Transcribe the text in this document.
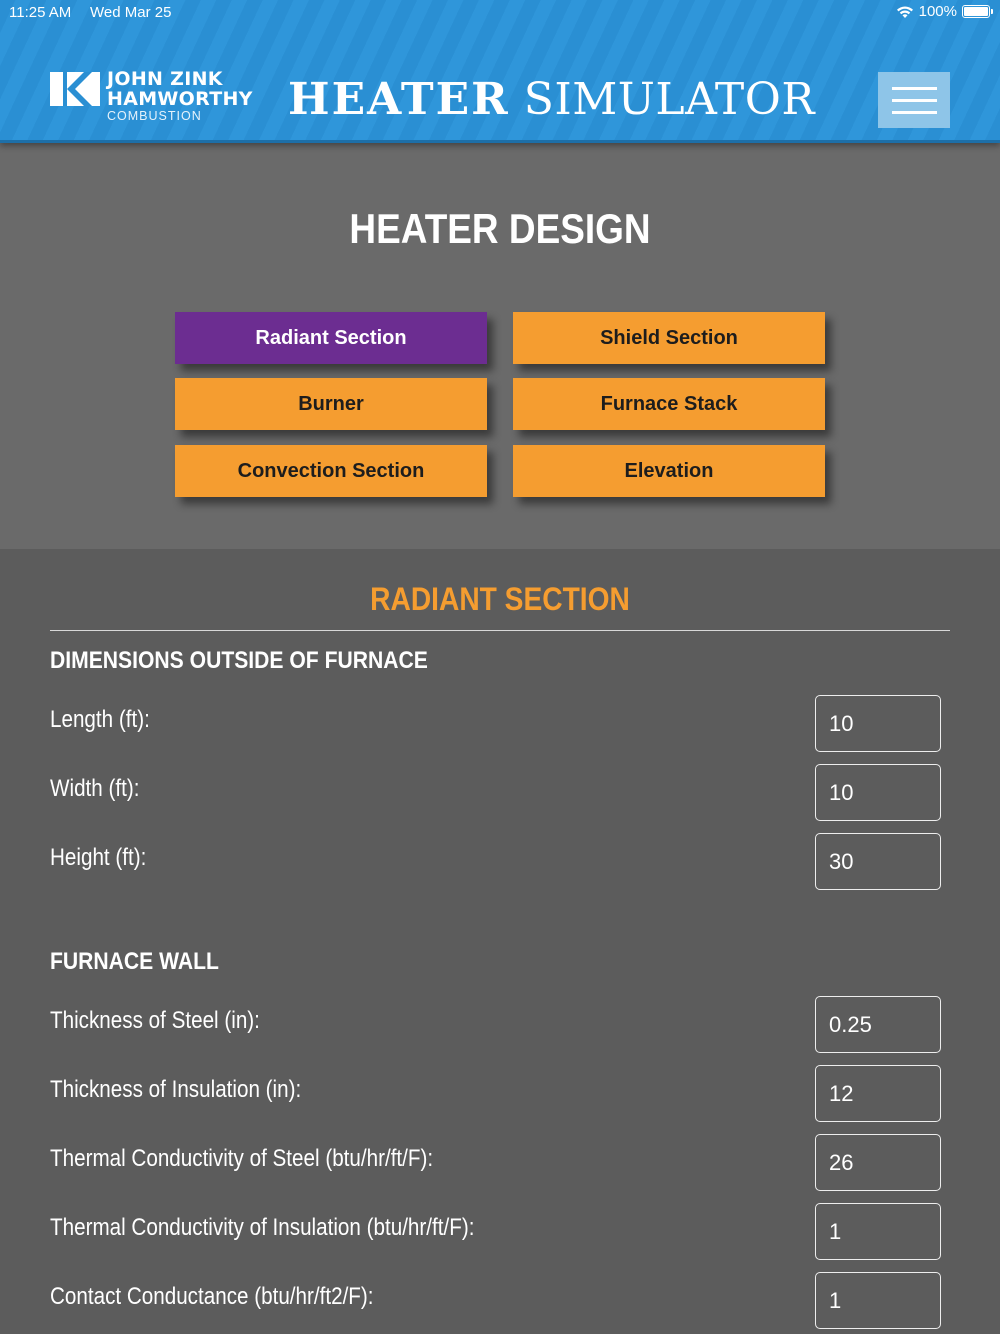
11:25 AM Wed Mar 25	100%
JOHN ZINK
HAMWORTHY
COMBUSTION HEATER SIMULATOR
HEATER DESIGN
Radiant Section	Shield Section
Burner	Furnace Stack
Convection Section	Elevation
RADIANT SECTION
DIMENSIONS OUTSIDE OF FURNACE
Length (ft):
10
Width (ft):
10
Height (ft):
30
FURNACE WALL
Thickness of Steel (in):
0.25
Thickness of Insulation (in):
12
Thermal Conductivity of Steel (btu/hr/ft/F):
26
Thermal Conductivity of Insulation (btu/hr/ft/F):
1
Contact Conductance (btu/hr/ft2/F):
1
